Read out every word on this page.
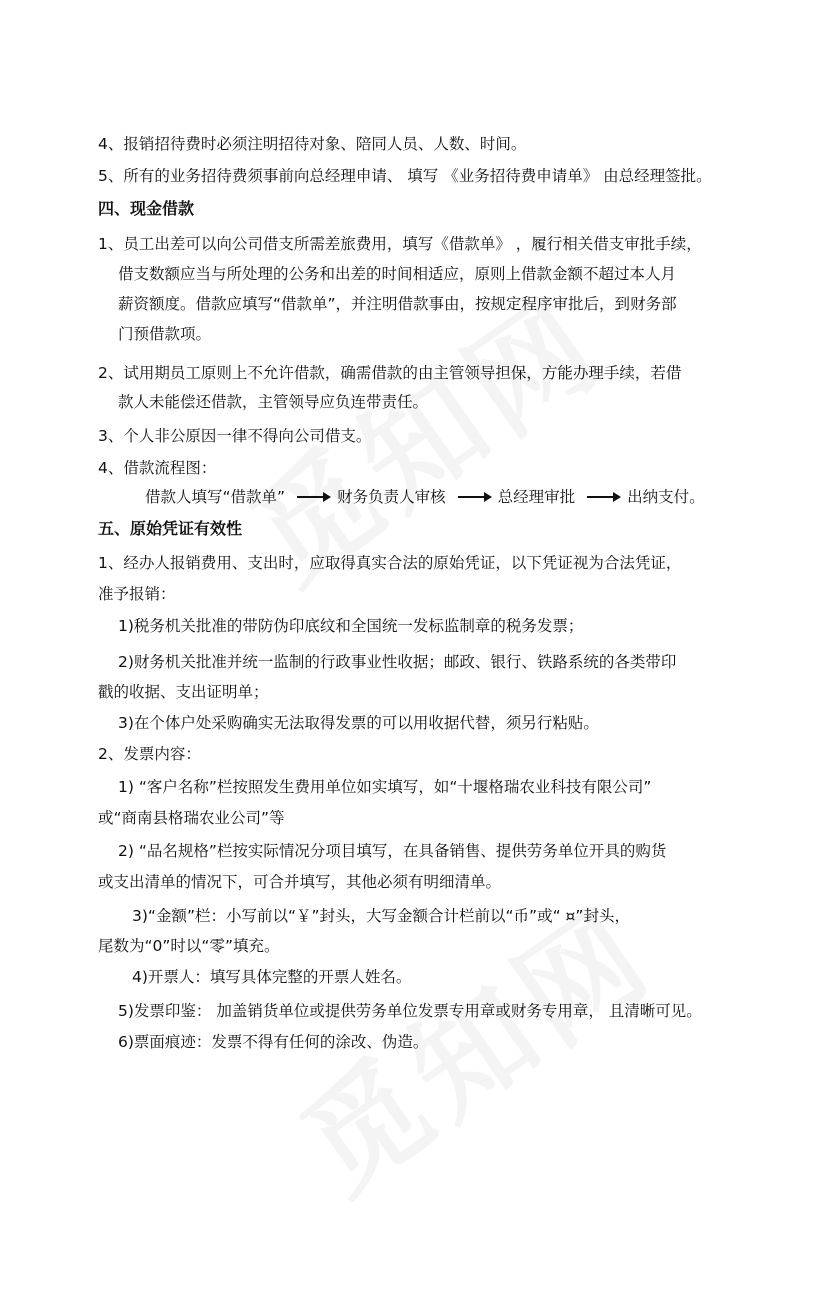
4、报销招待费时必须注明招待对象、陪同人员、人数、时间。
5、所有的业务招待费须事前向总经理申请、 填写 《业务招待费申请单》 由总经理签批。
四、现金借款
1、员工出差可以向公司借支所需差旅费用，填写《借款单》 ，履行相关借支审批手续，
借支数额应当与所处理的公务和出差的时间相适应，原则上借款金额不超过本人月
薪资额度。借款应填写“借款单”，并注明借款事由，按规定程序审批后，到财务部
门预借款项。
2、试用期员工原则上不允许借款，确需借款的由主管领导担保，方能办理手续，若借
款人未能偿还借款，主管领导应负连带责任。
3、个人非公原因一律不得向公司借支。
4、借款流程图：
借款人填写“借款单”	财务负责人审核	总经理审批	出纳支付。
五、原始凭证有效性
1、经办人报销费用、支出时，应取得真实合法的原始凭证，以下凭证视为合法凭证，
准予报销：
1)税务机关批准的带防伪印底纹和全国统一发标监制章的税务发票；
2)财务机关批准并统一监制的行政事业性收据；邮政、银行、铁路系统的各类带印
戳的收据、支出证明单；
3)在个体户处采购确实无法取得发票的可以用收据代替，须另行粘贴。
2、发票内容：
1) “客户名称”栏按照发生费用单位如实填写，如“十堰格瑞农业科技有限公司”
或“商南县格瑞农业公司”等
2) “品名规格”栏按实际情况分项目填写，在具备销售、提供劳务单位开具的购货
或支出清单的情况下，可合并填写，其他必须有明细清单。
3)“金额”栏：小写前以“￥”封头，大写金额合计栏前以“币”或“ ¤”封头，
尾数为“0”时以“零”填充。
4)开票人：填写具体完整的开票人姓名。
5)发票印鉴： 加盖销货单位或提供劳务单位发票专用章或财务专用章， 且清晰可见。
6)票面痕迹：发票不得有任何的涂改、伪造。
